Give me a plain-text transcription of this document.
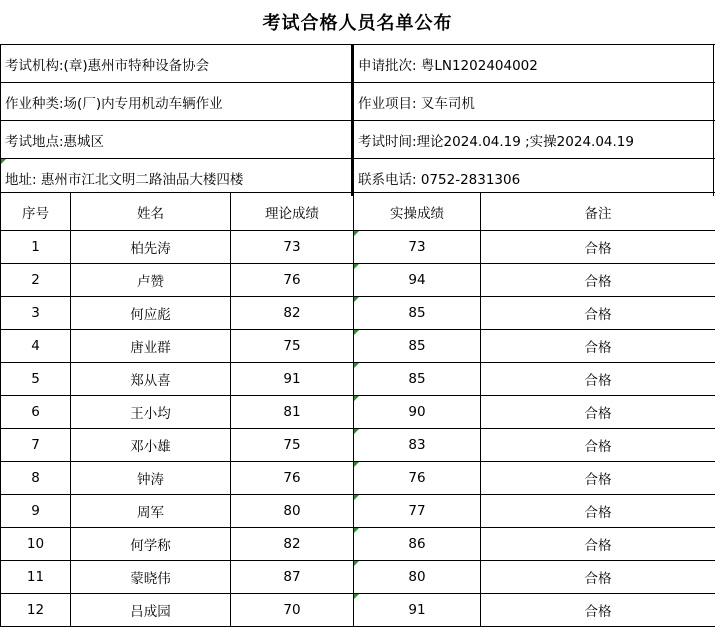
考试合格人员名单公布
考试机构:(章)惠州市特种设备协会	申请批次: 粤LN1202404002
作业种类:场(厂)内专用机动车辆作业	作业项目: 叉车司机
考试地点:惠城区	考试时间:理论2024.04.19 ;实操2024.04.19
地址: 惠州市江北文明二路油品大楼四楼	联系电话: 0752-2831306
序号	姓名	理论成绩	实操成绩	备注
1	柏先涛	73	73	合格
2	卢赞	76	94	合格
3	何应彪	82	85	合格
4	唐业群	75	85	合格
5	郑从喜	91	85	合格
6	王小均	81	90	合格
7	邓小雄	75	83	合格
8	钟涛	76	76	合格
9	周军	80	77	合格
10	何学称	82	86	合格
11	蒙晓伟	87	80	合格
12	吕成园	70	91	合格
